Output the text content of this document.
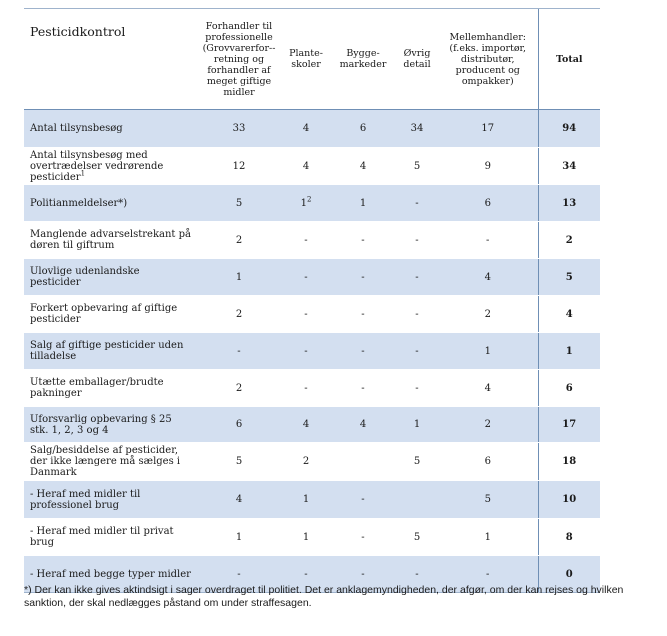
Pesticidkontrol	Forhandler til professionelle (Grovvarerfor--retning og forhandler af meget giftige midler	Plante-skoler	Bygge-markeder	Øvrig detail	Mellemhandler: (f.eks. importør, distributør, producent og ompakker)	Total
Antal tilsynsbesøg	33	4	6	34	17	94
Antal tilsynsbesøg med overtrædelser vedrørende pesticider$^1$	12	4	4	5	9	34
Politianmeldelser*)	5	$1^2$	1	-	6	13
Manglende advarselstrekant på døren til giftrum	2	-	-	-	-	2
Ulovlige udenlandske pesticider	1	-	-	-	4	5
Forkert opbevaring af giftige pesticider	2	-	-	-	2	4
Salg af giftige pesticider uden tilladelse	-	-	-	-	1	1
Utætte emballager/brudte pakninger	2	-	-	-	4	6
Uforsvarlig opbevaring § 25 stk. 1, 2, 3 og 4	6	4	4	1	2	17
Salg/besiddelse af pesticider, der ikke længere må sælges i Danmark	5	2		5	6	18
- Heraf med midler til professionel brug	4	1	-		5	10
- Heraf med midler til privat brug	1	1	-	5	1	8
- Heraf med begge typer midler	-	-	-	-	-	0

*) Der kan ikke gives aktindsigt i sager overdraget til politiet. Det er anklagemyndigheden, der afgør, om der kan rejses og hvilken sanktion, der skal nedlægges påstand om under straffesagen.
